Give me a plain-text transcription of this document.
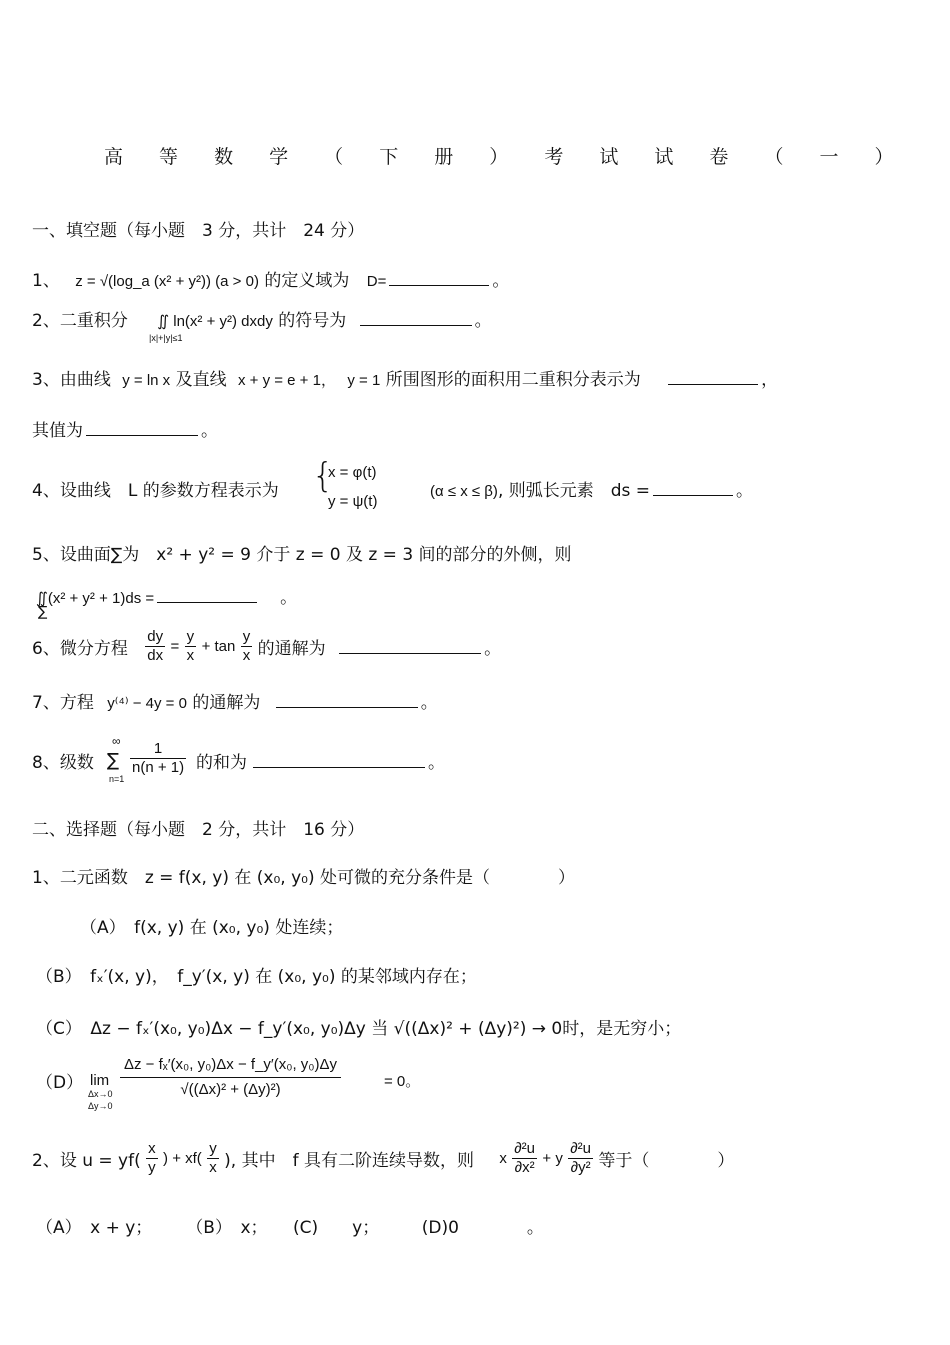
高 等 数 学 （ 下 册 ） 考 试 试 卷 （ 一 ）
一、填空题（每小题　3 分，共计　24 分）
1、 z = √(log_a (x² + y²)) (a > 0) 的定义域为 D=	。
2、二重积分 ∬ ln(x² + y²) dxdy 的符号为	。
|x|+|y|≤1
3、由曲线 y = ln x 及直线 x + y = e + 1， y = 1 所围图形的面积用二重积分表示为	，
其值为	。
4、设曲线　L 的参数方程表示为 {
x = φ(t)
y = ψ(t)
(α ≤ x ≤ β), 则弧长元素　ds =	。
5、设曲面∑为　x² + y² = 9 介于 z = 0 及 z = 3 间的部分的外侧，则
∬(x² + y² + 1)ds =	。
∑
6、微分方程 $\frac{dy}{dx} = \frac{y}{x} + \tan \frac{y}{x}$ 的通解为	。
7、方程 y⁽⁴⁾ − 4y = 0 的通解为	。
8、级数
∞
∑
n=1
$\frac{1}{n(n + 1)}$ 的和为	。
二、选择题（每小题　2 分，共计　16 分）
1、二元函数　z = f(x, y) 在 (x₀, y₀) 处可微的充分条件是（　　　　）
（A）　f(x, y) 在 (x₀, y₀) 处连续；
（B）　fₓ′(x, y)，　f_y′(x, y) 在 (x₀, y₀) 的某邻域内存在；
（C）　Δz − fₓ′(x₀, y₀)Δx − f_y′(x₀, y₀)Δy 当 √((Δx)² + (Δy)²) → 0时，是无穷小；
（D） lim
Δx→0
Δy→0
$\frac{\text{Δz − fₓ′(x₀, y₀)Δx − f\_y′(x₀, y₀)Δy}}{\text{√((Δx)² + (Δy)²)}}$	= 0。
2、设 $u = yf( \frac{x}{y}$ ) + $xf( \frac{y}{x}$ ), 其中　f 具有二阶连续导数，则 x $\frac{\text{∂²u}}{\text{∂x²}} + y \frac{\text{∂²u}}{\text{∂y²}}$ 等于（　　　　）
（A）　x + y；　　　（B）　x；　　(C)　　y；　　　(D)0　　　　。
